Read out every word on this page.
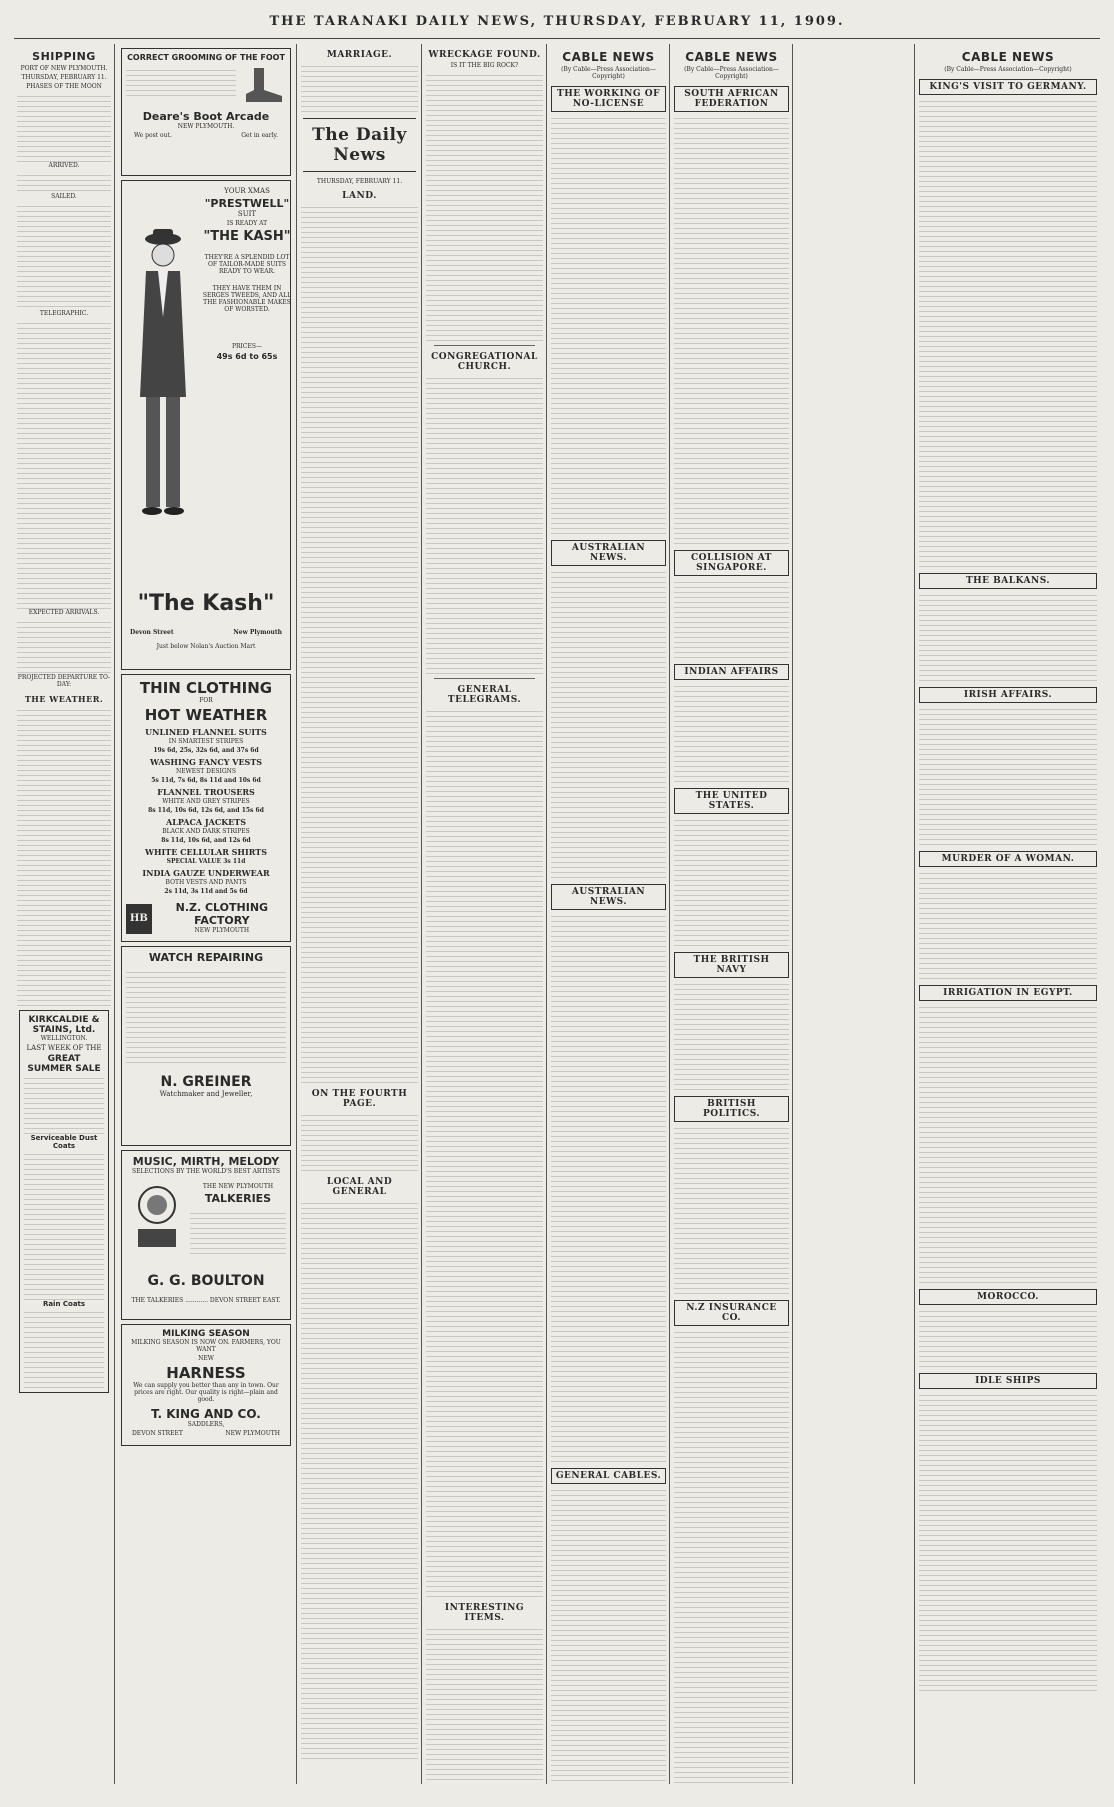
THE TARANAKI DAILY NEWS, THURSDAY, FEBRUARY 11, 1909.
SHIPPING
PORT OF NEW PLYMOUTH.
THURSDAY, FEBRUARY 11.
PHASES OF THE MOON
ARRIVED.
SAILED.
TELEGRAPHIC.
EXPECTED ARRIVALS.
PROJECTED DEPARTURE TO-DAY:
THE WEATHER.
KIRKCALDIE & STAINS, Ltd.
WELLINGTON.
LAST WEEK OF THE
GREAT SUMMER SALE
Serviceable Dust Coats
Rain Coats
CORRECT GROOMING OF THE FOOT
Deare's Boot Arcade
NEW PLYMOUTH.
We post out.	Get in early.
YOUR XMAS
"PRESTWELL"
SUIT
IS READY AT
"THE KASH"
THEY'RE A SPLENDID LOT OF TAILOR-MADE SUITS READY TO WEAR.
THEY HAVE THEM IN SERGES TWEEDS, AND ALL THE FASHIONABLE MAKES OF WORSTED.
PRICES—
49s 6d to 65s
"The Kash"
Devon Street	New Plymouth
Just below Nolan's Auction Mart
THIN CLOTHING
FOR
HOT WEATHER
UNLINED FLANNEL SUITS
IN SMARTEST STRIPES
19s 6d, 25s, 32s 6d, and 37s 6d
WASHING FANCY VESTS
NEWEST DESIGNS
5s 11d, 7s 6d, 8s 11d and 10s 6d
FLANNEL TROUSERS
WHITE AND GREY STRIPES
8s 11d, 10s 6d, 12s 6d, and 15s 6d
ALPACA JACKETS
BLACK AND DARK STRIPES
8s 11d, 10s 6d, and 12s 6d
WHITE CELLULAR SHIRTS
SPECIAL VALUE 3s 11d
INDIA GAUZE UNDERWEAR
BOTH VESTS AND PANTS
2s 11d, 3s 11d and 5s 6d
HB
N.Z. CLOTHING FACTORY
NEW PLYMOUTH
WATCH REPAIRING
N. GREINER
Watchmaker and Jeweller,
MUSIC, MIRTH, MELODY
SELECTIONS BY THE WORLD'S BEST ARTISTS
THE NEW PLYMOUTH
TALKERIES
G. G. BOULTON
THE TALKERIES ............ DEVON STREET EAST.
MILKING SEASON
MILKING SEASON IS NOW ON. FARMERS, YOU WANT
NEW
HARNESS
We can supply you better than any in town. Our prices are right. Our quality is right—plain and good.
T. KING AND CO.
SADDLERS,
DEVON STREET	NEW PLYMOUTH
MARRIAGE.
The Daily News
THURSDAY, FEBRUARY 11.
LAND.
ON THE FOURTH PAGE.
LOCAL AND GENERAL
WRECKAGE FOUND.
IS IT THE BIG ROCK?
CONGREGATIONAL CHURCH.
GENERAL TELEGRAMS.
INTERESTING ITEMS.
CABLE NEWS
(By Cable—Press Association—Copyright)
THE WORKING OF NO-LICENSE
AUSTRALIAN NEWS.
AUSTRALIAN NEWS.
GENERAL CABLES.
CABLE NEWS
(By Cable—Press Association—Copyright)
SOUTH AFRICAN FEDERATION
COLLISION AT SINGAPORE.
INDIAN AFFAIRS
THE UNITED STATES.
THE BRITISH NAVY
BRITISH POLITICS.
N.Z INSURANCE CO.
CABLE NEWS
(By Cable—Press Association—Copyright)
KING'S VISIT TO GERMANY.
THE BALKANS.
IRISH AFFAIRS.
MURDER OF A WOMAN.
IRRIGATION IN EGYPT.
MOROCCO.
IDLE SHIPS
